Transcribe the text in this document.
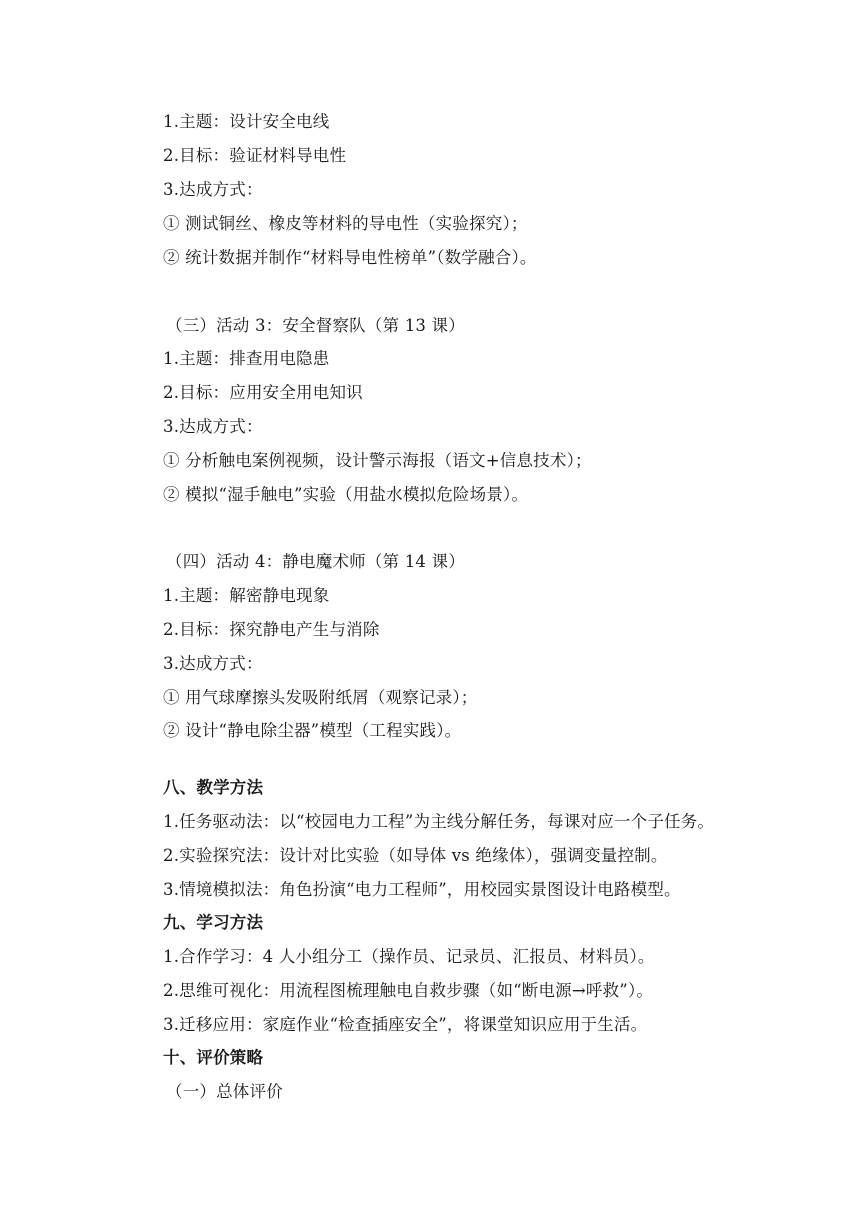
1.主题：设计安全电线
2.目标：验证材料导电性
3.达成方式：
① 测试铜丝、橡皮等材料的导电性（实验探究）；
② 统计数据并制作“材料导电性榜单”（数学融合）。
（三）活动 3：安全督察队（第 13 课）
1.主题：排查用电隐患
2.目标：应用安全用电知识
3.达成方式：
① 分析触电案例视频，设计警示海报（语文+信息技术）；
② 模拟“湿手触电”实验（用盐水模拟危险场景）。
（四）活动 4：静电魔术师（第 14 课）
1.主题：解密静电现象
2.目标：探究静电产生与消除
3.达成方式：
① 用气球摩擦头发吸附纸屑（观察记录）；
② 设计“静电除尘器”模型（工程实践）。
八、教学方法
1.任务驱动法：以“校园电力工程”为主线分解任务，每课对应一个子任务。
2.实验探究法：设计对比实验（如导体 vs 绝缘体），强调变量控制。
3.情境模拟法：角色扮演“电力工程师”，用校园实景图设计电路模型。
九、学习方法
1.合作学习：4 人小组分工（操作员、记录员、汇报员、材料员）。
2.思维可视化：用流程图梳理触电自救步骤（如“断电源→呼救”）。
3.迁移应用：家庭作业“检查插座安全”，将课堂知识应用于生活。
十、评价策略
（一）总体评价
